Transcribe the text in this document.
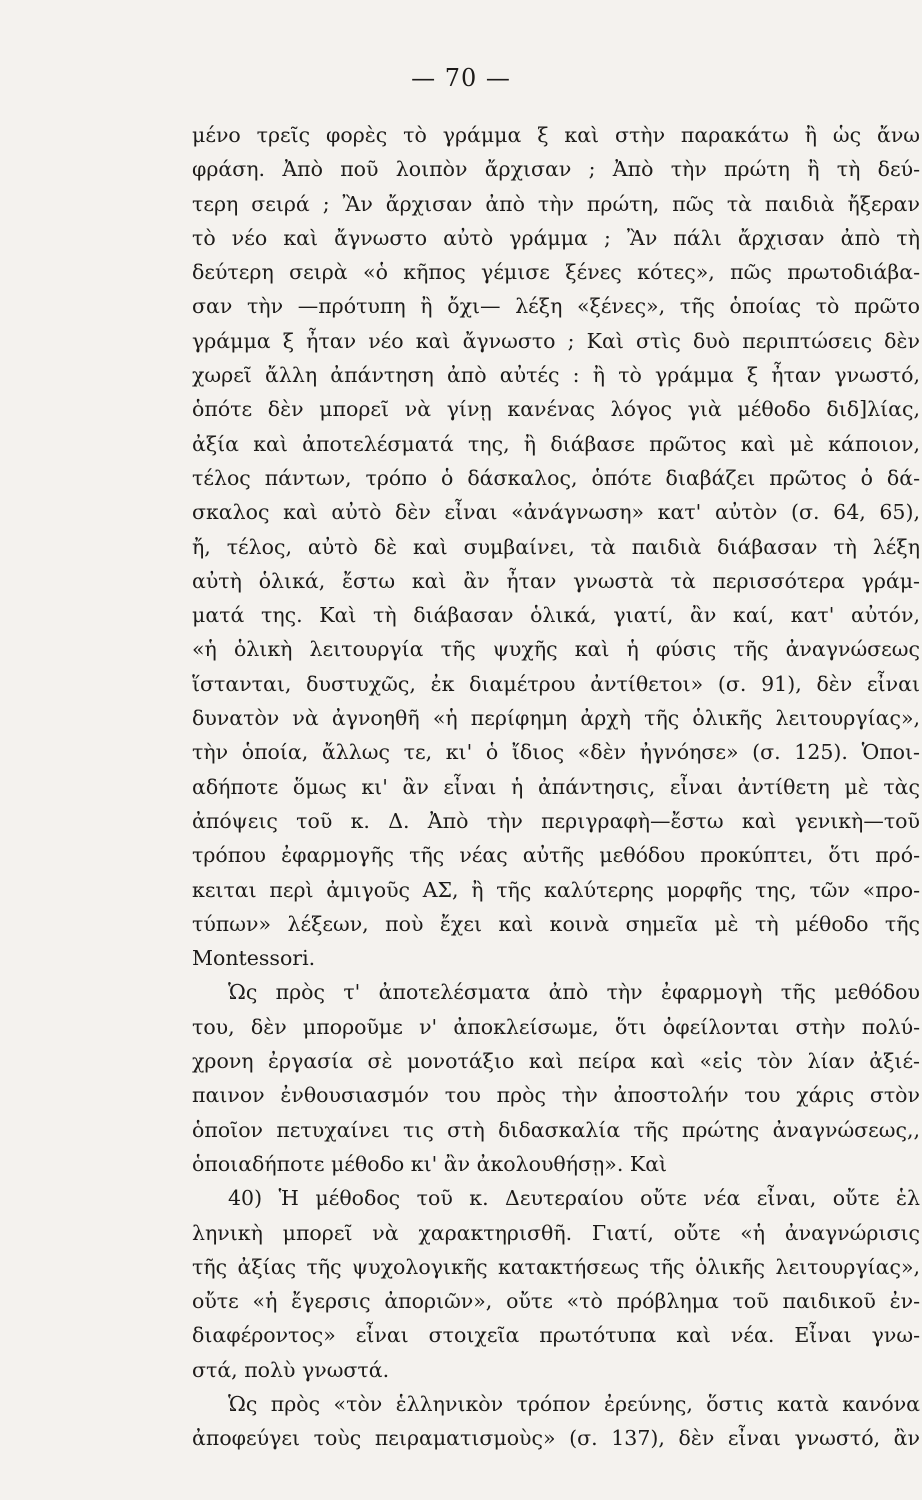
— 70 —
μένο τρεῖς φορὲς τὸ γράμμα ξ καὶ στὴν παρακάτω ἢ ὡς ἄνω
φράση. Ἀπὸ ποῦ λοιπὸν ἄρχισαν ; Ἀπὸ τὴν πρώτη ἢ τὴ δεύ-
τερη σειρά ; Ἂν ἄρχισαν ἀπὸ τὴν πρώτη, πῶς τὰ παιδιὰ ἤξεραν
τὸ νέο καὶ ἄγνωστο αὐτὸ γράμμα ; Ἂν πάλι ἄρχισαν ἀπὸ τὴ
δεύτερη σειρὰ «ὁ κῆπος γέμισε ξένες κότες», πῶς πρωτοδιάβα-
σαν τὴν —πρότυπη ἢ ὄχι— λέξη «ξένες», τῆς ὁποίας τὸ πρῶτο
γράμμα ξ ἦταν νέο καὶ ἄγνωστο ; Καὶ στὶς δυὸ περιπτώσεις δὲν
χωρεῖ ἄλλη ἀπάντηση ἀπὸ αὐτές : ἢ τὸ γράμμα ξ ἦταν γνωστό,
ὁπότε δὲν μπορεῖ νὰ γίνῃ κανένας λόγος γιὰ μέθοδο διδ]λίας,
ἀξία καὶ ἀποτελέσματά της, ἢ διάβασε πρῶτος καὶ μὲ κάποιον,
τέλος πάντων, τρόπο ὁ δάσκαλος, ὁπότε διαβάζει πρῶτος ὁ δά-
σκαλος καὶ αὐτὸ δὲν εἶναι «ἀνάγνωση» κατ' αὐτὸν (σ. 64, 65),
ἤ, τέλος, αὐτὸ δὲ καὶ συμβαίνει, τὰ παιδιὰ διάβασαν τὴ λέξη
αὐτὴ ὁλικά, ἔστω καὶ ἂν ἦταν γνωστὰ τὰ περισσότερα γράμ-
ματά της. Καὶ τὴ διάβασαν ὁλικά, γιατί, ἂν καί, κατ' αὐτόν,
«ἡ ὁλικὴ λειτουργία τῆς ψυχῆς καὶ ἡ φύσις τῆς ἀναγνώσεως
ἵστανται, δυστυχῶς, ἐκ διαμέτρου ἀντίθετοι» (σ. 91), δὲν εἶναι
δυνατὸν νὰ ἀγνοηθῆ «ἡ περίφημη ἀρχὴ τῆς ὁλικῆς λειτουργίας»,
τὴν ὁποία, ἄλλως τε, κι' ὁ ἴδιος «δὲν ἠγνόησε» (σ. 125). Ὁποι-
αδήποτε ὅμως κι' ἂν εἶναι ἡ ἀπάντησις, εἶναι ἀντίθετη μὲ τὰς
ἀπόψεις τοῦ κ. Δ. Ἀπὸ τὴν περιγραφὴ—ἔστω καὶ γενικὴ—τοῦ
τρόπου ἐφαρμογῆς τῆς νέας αὐτῆς μεθόδου προκύπτει, ὅτι πρό-
κειται περὶ ἀμιγοῦς ΑΣ, ἢ τῆς καλύτερης μορφῆς της, τῶν «προ-
τύπων» λέξεων, ποὺ ἔχει καὶ κοινὰ σημεῖα μὲ τὴ μέθοδο τῆς
Montessori.
Ὡς πρὸς τ' ἀποτελέσματα ἀπὸ τὴν ἐφαρμογὴ τῆς μεθόδου
του, δὲν μποροῦμε ν' ἀποκλείσωμε, ὅτι ὀφείλονται στὴν πολύ-
χρονη ἐργασία σὲ μονοτάξιο καὶ πείρα καὶ «εἰς τὸν λίαν ἀξιέ-
παινον ἐνθουσιασμόν του πρὸς τὴν ἀποστολήν του χάρις στὸν
ὁποῖον πετυχαίνει τις στὴ διδασκαλία τῆς πρώτης ἀναγνώσεως,,
ὁποιαδήποτε μέθοδο κι' ἂν ἀκολουθήσῃ». Καὶ
40) Ἡ μέθοδος τοῦ κ. Δευτεραίου οὔτε νέα εἶναι, οὔτε ἑλ
ληνικὴ μπορεῖ νὰ χαρακτηρισθῆ. Γιατί, οὔτε «ἡ ἀναγνώρισις
τῆς ἀξίας τῆς ψυχολογικῆς κατακτήσεως τῆς ὁλικῆς λειτουργίας»,
οὔτε «ἡ ἔγερσις ἀποριῶν», οὔτε «τὸ πρόβλημα τοῦ παιδικοῦ ἐν-
διαφέροντος» εἶναι στοιχεῖα πρωτότυπα καὶ νέα. Εἶναι γνω-
στά, πολὺ γνωστά.
Ὡς πρὸς «τὸν ἑλληνικὸν τρόπον ἐρεύνης, ὅστις κατὰ κανόνα
ἀποφεύγει τοὺς πειραματισμοὺς» (σ. 137), δὲν εἶναι γνωστό, ἂν
